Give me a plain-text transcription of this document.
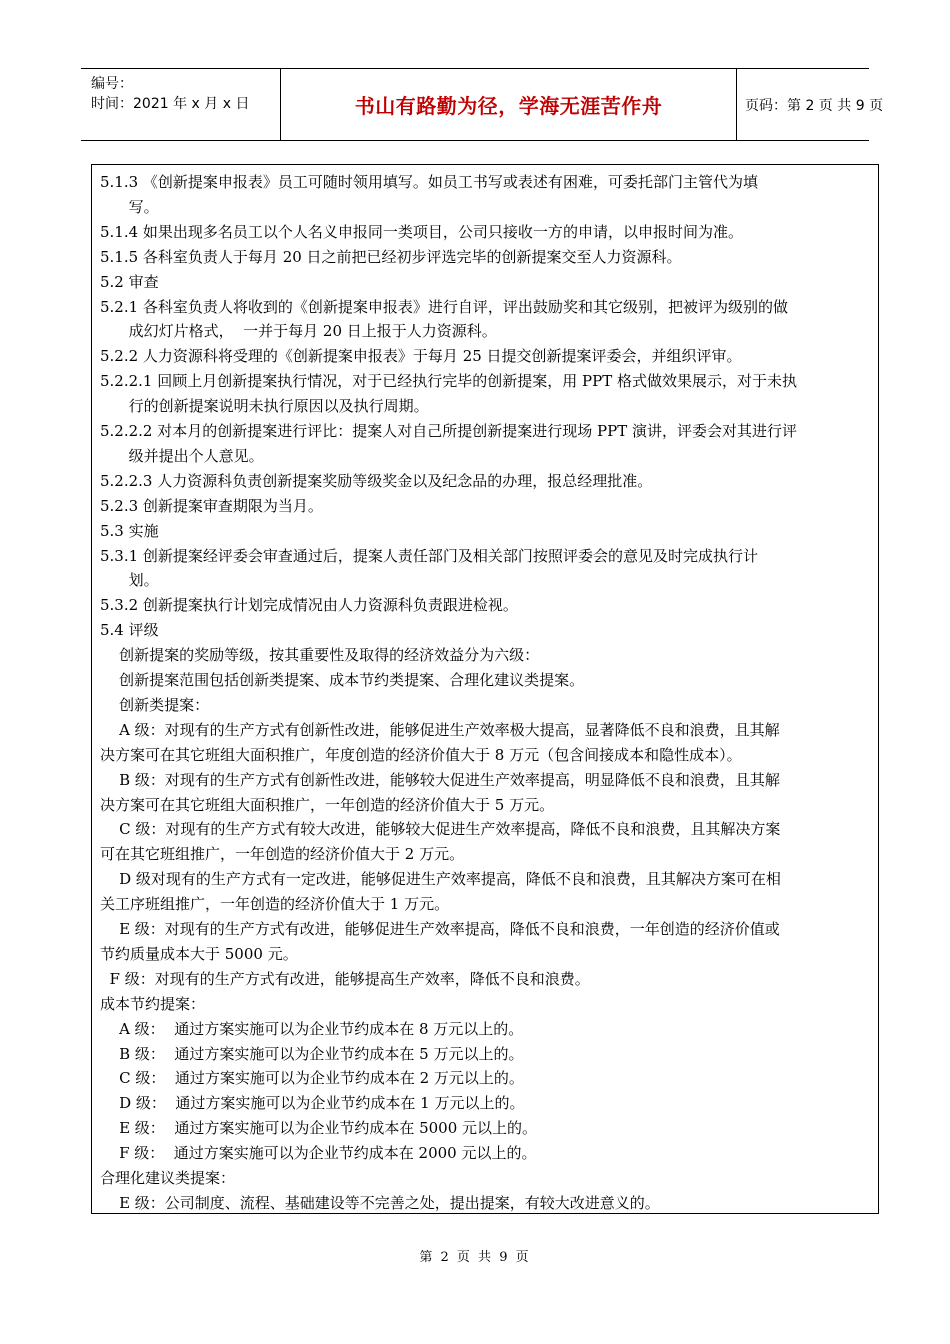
编号：
时间：2021 年 x 月 x 日	书山有路勤为径，学海无涯苦作舟	页码：第 2 页 共 9 页
5.1.3 《创新提案申报表》员工可随时领用填写。如员工书写或表述有困难，可委托部门主管代为填
写。
5.1.4 如果出现多名员工以个人名义申报同一类项目，公司只接收一方的申请，以申报时间为准。
5.1.5 各科室负责人于每月 20 日之前把已经初步评选完毕的创新提案交至人力资源科。
5.2 审查
5.2.1 各科室负责人将收到的《创新提案申报表》进行自评，评出鼓励奖和其它级别，把被评为级别的做
成幻灯片格式，  一并于每月 20 日上报于人力资源科。
5.2.2 人力资源科将受理的《创新提案申报表》于每月 25 日提交创新提案评委会，并组织评审。
5.2.2.1 回顾上月创新提案执行情况，对于已经执行完毕的创新提案，用 PPT 格式做效果展示，对于未执
行的创新提案说明未执行原因以及执行周期。
5.2.2.2 对本月的创新提案进行评比：提案人对自己所提创新提案进行现场 PPT 演讲，评委会对其进行评
级并提出个人意见。
5.2.2.3 人力资源科负责创新提案奖励等级奖金以及纪念品的办理，报总经理批准。
5.2.3 创新提案审查期限为当月。
5.3 实施
5.3.1 创新提案经评委会审查通过后，提案人责任部门及相关部门按照评委会的意见及时完成执行计
划。
5.3.2 创新提案执行计划完成情况由人力资源科负责跟进检视。
5.4 评级
创新提案的奖励等级，按其重要性及取得的经济效益分为六级：
创新提案范围包括创新类提案、成本节约类提案、合理化建议类提案。
创新类提案：
A 级：对现有的生产方式有创新性改进，能够促进生产效率极大提高，显著降低不良和浪费，且其解
决方案可在其它班组大面积推广，年度创造的经济价值大于 8 万元（包含间接成本和隐性成本）。
B 级：对现有的生产方式有创新性改进，能够较大促进生产效率提高，明显降低不良和浪费，且其解
决方案可在其它班组大面积推广，一年创造的经济价值大于 5 万元。
C 级：对现有的生产方式有较大改进，能够较大促进生产效率提高，降低不良和浪费，且其解决方案
可在其它班组推广，一年创造的经济价值大于 2 万元。
D 级对现有的生产方式有一定改进，能够促进生产效率提高，降低不良和浪费，且其解决方案可在相
关工序班组推广，一年创造的经济价值大于 1 万元。
E 级：对现有的生产方式有改进，能够促进生产效率提高，降低不良和浪费，一年创造的经济价值或
节约质量成本大于 5000 元。
F 级：对现有的生产方式有改进，能够提高生产效率，降低不良和浪费。
成本节约提案：
A 级：  通过方案实施可以为企业节约成本在 8 万元以上的。
B 级：  通过方案实施可以为企业节约成本在 5 万元以上的。
C 级：  通过方案实施可以为企业节约成本在 2 万元以上的。
D 级：  通过方案实施可以为企业节约成本在 1 万元以上的。
E 级：  通过方案实施可以为企业节约成本在 5000 元以上的。
F 级：  通过方案实施可以为企业节约成本在 2000 元以上的。
合理化建议类提案：
E 级：公司制度、流程、基础建设等不完善之处，提出提案，有较大改进意义的。
第 2 页 共 9 页
